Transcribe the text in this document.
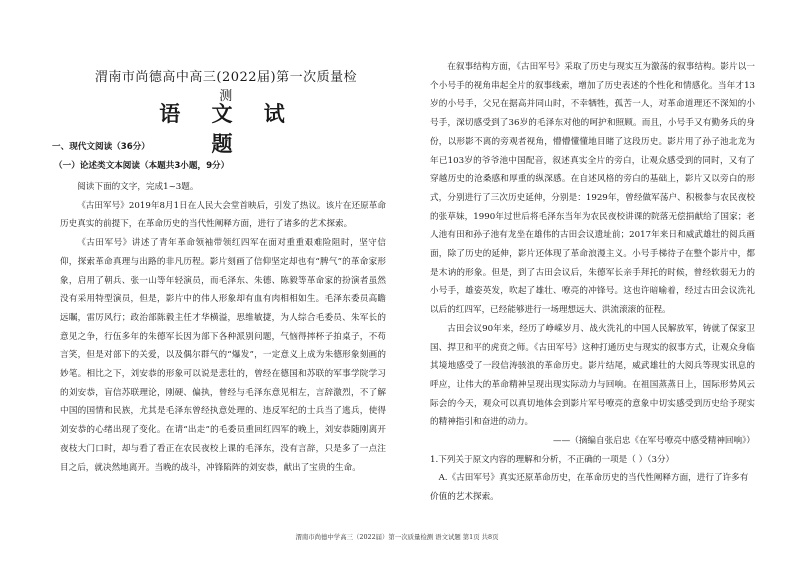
渭南市尚德高中高三(2022届)第一次质量检测
语 文 试 题
一、现代文阅读（36分）
（一）论述类文本阅读（本题共3小题，9分）

阅读下面的文字，完成1~3题。

《古田军号》2019年8月1日在人民大会堂首映后，引发了热议。该片在还原革命历史真实的前提下，在革命历史的当代性阐释方面，进行了诸多的艺术探索。

《古田军号》讲述了青年革命领袖带领红四军在面对重重艰难险阻时，坚守信仰，探索革命真理与出路的非凡历程。影片刻画了信仰坚定却也有“脾气”的革命家形象，启用了朝兵、张一山等年轻演员，而毛泽东、朱德、陈毅等革命家的扮演者虽然没有采用特型演员，但是，影片中的伟人形象却有血有肉相相如生。毛泽东委员高瞻远瞩，雷厉风行；政治部陈毅主任才华横溢，思维敏捷，为人综合毛委员、朱军长的意见之争，行伍多年的朱德军长因为部下各种派别问题，气恼得摔杯子拍桌子，不苟言笑，但是对部下的关爱，以及偶尔群气的“爆发”，一定意义上成为朱德形象刻画的妙笔。相比之下，刘安恭的形象可以说是悲壮的，曾经在德国和苏联的军事学院学习的刘安恭，盲信苏联理论，刚硬、偏执，曾经与毛泽东意见相左，言辞激烈，不了解中国的国情和民族，尤其是毛泽东曾经执意处理的、违反军纪的士兵当了逃兵，使得刘安恭的心绪出现了变化。在请“出走”的毛委员重回红四军的晚上，刘安恭随刚离开夜枝大门口时，却与看了看正在农民夜校上课的毛泽东，没有言辞，只是多了一点注目之后，就决然地离开。当晚的战斗，冲锋陷阵的刘安恭，献出了宝贵的生命。

在叙事结构方面，《古田军号》采取了历史与现实互为激荡的叙事结构。影片以一个小号手的视角串起全片的叙事线索，增加了历史表述的个性化和情感化。当年才13岁的小号手，父兄在据高并同山时，不幸牺牲，孤苦一人，对革命道理还不深知的小号手，深切感受到了36岁的毛泽东对他的呵护和照顾。而且，小号手又有勤务兵的身份，以形影不离的旁观者视角，懵懵懂懂地目睹了这段历史。影片用了孙子池北龙为年已103岁的爷爷池中国配音，叙述真实全片的旁白，让观众感受到的同时，又有了穿越历史的沧桑感和厚重的纵深感。在自述风格的旁白的基础上，影片又以旁白的形式，分别进行了三次历史延伸，分别是：1929年，曾经做军荡户、积极参与农民夜校的张草妹，1990年过世后将毛泽东当年为农民夜校讲课的院落无偿捐献给了国家；老人池有田和孙子池有龙坐在雄伟的古田会议遗址前；2017年来日和威武雄壮的阅兵画面，除了历史的延伸，影片还体现了革命浪漫主义。小号手梯待子在整个影片中，都是木讷的形象。但是，到了古田会议后，朱德军长亲手拜托的时候，曾经软弱无力的小号手，雄姿英发，吹起了雄壮、嘹亮的冲锋号。这也许暗喻着，经过古田会议洗礼以后的红四军，已经能够进行一场理想远大、洪流滚滚的征程。

古田会议90年来，经历了峥嵘岁月、战火洗礼的中国人民解放军，铸就了保家卫国、捍卫和平的虎贲之师。《古田军号》这种打通历史与现实的叙事方式，让观众身临其境地感受了一段信涛骇浪的革命历史。影片结尾，威武雄壮的大阅兵等现实讯息的呼应，让伟大的革命精神呈现出现实际动力与回响。在祖国蒸蒸日上，国际形势风云际会的今天，观众可以真切地体会到影片军号嘹亮的意象中切实感受到历史给予现实的精神指引和奋进的动力。

——（摘编自张启忠《在军号嘹亮中感受精神回响》）

1.下列关于原文内容的理解和分析，不正确的一项是（ ）（3分）

A.《古田军号》真实还原革命历史，在革命历史的当代性阐释方面，进行了许多有价值的艺术探索。

渭南市尚德中学高三（2022届）第一次质量检测 语文试题 第1页 共8页
